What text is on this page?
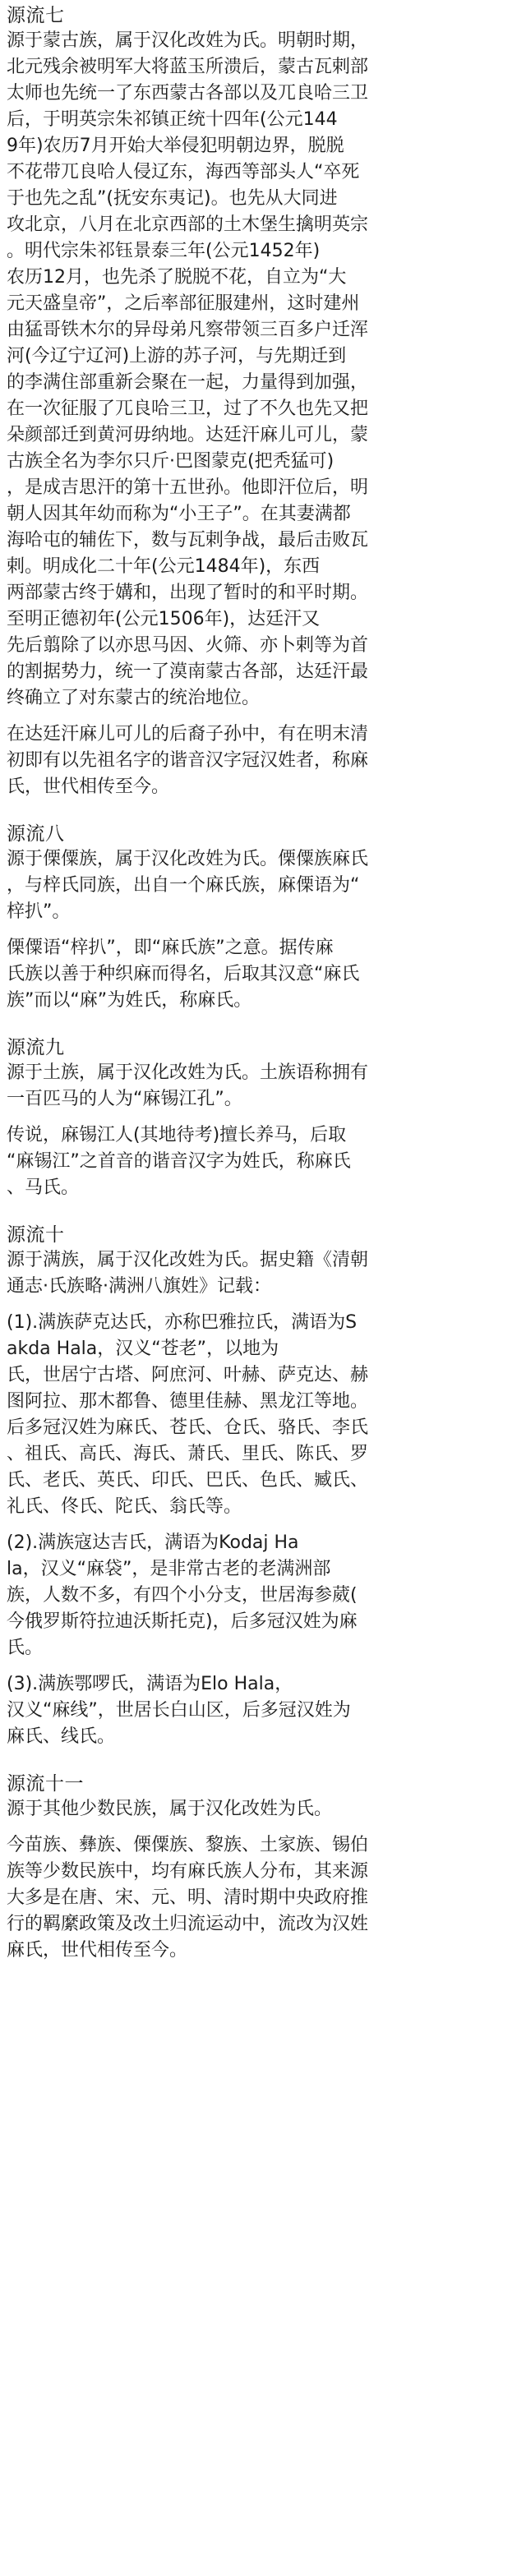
源流七

源于蒙古族，属于汉化改姓为氏。明朝时期，
北元残余被明军大将蓝玉所溃后，蒙古瓦剌部
太师也先统一了东西蒙古各部以及兀良哈三卫
后，于明英宗朱祁镇正统十四年(公元144
9年)农历7月开始大举侵犯明朝边界，脱脱
不花带兀良哈人侵辽东，海西等部头人“卒死
于也先之乱”(抚安东夷记)。也先从大同进
攻北京，八月在北京西部的土木堡生擒明英宗
。明代宗朱祁钰景泰三年(公元1452年)
农历12月，也先杀了脱脱不花，自立为“大
元天盛皇帝”，之后率部征服建州，这时建州
由猛哥铁木尔的异母弟凡察带领三百多户迁浑
河(今辽宁辽河)上游的苏子河，与先期迁到
的李满住部重新会聚在一起，力量得到加强，
在一次征服了兀良哈三卫，过了不久也先又把
朵颜部迁到黄河毋纳地。达廷汗麻儿可儿，蒙
古族全名为李尔只斤·巴图蒙克(把秃猛可)
，是成吉思汗的第十五世孙。他即汗位后，明
朝人因其年幼而称为“小王子”。在其妻满都
海哈屯的辅佐下，数与瓦剌争战，最后击败瓦
剌。明成化二十年(公元1484年)，东西
两部蒙古终于媾和，出现了暂时的和平时期。
至明正德初年(公元1506年)，达廷汗又
先后翦除了以亦思马因、火筛、亦卜剌等为首
的割据势力，统一了漠南蒙古各部，达廷汗最
终确立了对东蒙古的统治地位。

在达廷汗麻儿可儿的后裔子孙中，有在明末清
初即有以先祖名字的谐音汉字冠汉姓者，称麻
氏，世代相传至今。

源流八

源于傈僳族，属于汉化改姓为氏。傈僳族麻氏
，与梓氏同族，出自一个麻氏族，麻傈语为“
梓扒”。

傈僳语“梓扒”，即“麻氏族”之意。据传麻
氏族以善于种织麻而得名，后取其汉意“麻氏
族”而以“麻”为姓氏，称麻氏。

源流九

源于土族，属于汉化改姓为氏。土族语称拥有
一百匹马的人为“麻锡江孔”。

传说，麻锡江人(其地待考)擅长养马，后取
“麻锡江”之首音的谐音汉字为姓氏，称麻氏
、马氏。

源流十

源于满族，属于汉化改姓为氏。据史籍《清朝
通志·氏族略·满洲八旗姓》记载：

(1).满族萨克达氏，亦称巴雅拉氏，满语为S
akda Hala，汉义“苍老”，以地为
氏，世居宁古塔、阿庶河、叶赫、萨克达、赫
图阿拉、那木都鲁、德里佳赫、黑龙江等地。
后多冠汉姓为麻氏、苍氏、仓氏、骆氏、李氏
、祖氏、高氏、海氏、萧氏、里氏、陈氏、罗
氏、老氏、英氏、印氏、巴氏、色氏、臧氏、
礼氏、佟氏、陀氏、翁氏等。

(2).满族寇达吉氏，满语为Kodaj Ha
la，汉义“麻袋”，是非常古老的老满洲部
族，人数不多，有四个小分支，世居海参葳(
今俄罗斯符拉迪沃斯托克)，后多冠汉姓为麻
氏。

(3).满族鄂啰氏，满语为Elo Hala，
汉义“麻线”，世居长白山区，后多冠汉姓为
麻氏、线氏。

源流十一

源于其他少数民族，属于汉化改姓为氏。

今苗族、彝族、傈僳族、黎族、土家族、锡伯
族等少数民族中，均有麻氏族人分布，其来源
大多是在唐、宋、元、明、清时期中央政府推
行的羁縻政策及改土归流运动中，流改为汉姓
麻氏，世代相传至今。
